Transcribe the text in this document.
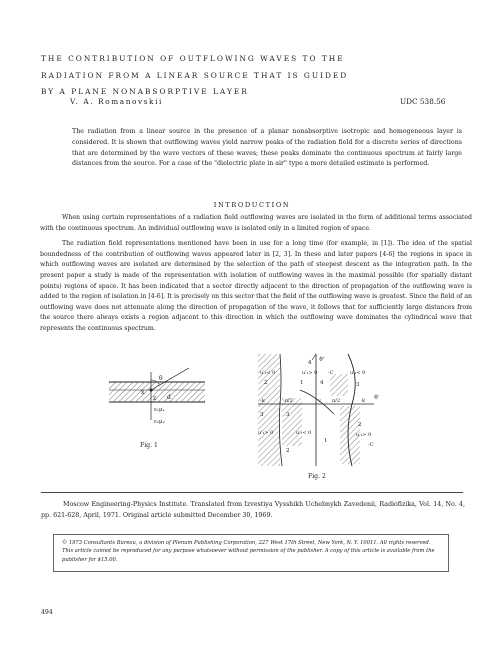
THE CONTRIBUTION OF OUTFLOWING WAVES TO THE
RADIATION FROM A LINEAR SOURCE THAT IS GUIDED
BY A PLANE NONABSORPTIVE LAYER
V. A. Romanovskii	UDC 538.56

The radiation from a linear source in the presence of a planar nonabsorptive isotropic and homogeneous layer is considered. It is shown that outflowing waves yield narrow peaks of the radiation field for a discrete series of directions that are determined by the wave vectors of these waves; these peaks dominate the continuous spectrum at fairly large distances from the source. For a case of the "dielectric plate in air" type a more detailed estimate is performed.

INTRODUCTION

When using certain representations of a radiation field outflowing waves are isolated in the form of additional terms associated with the continuous spectrum. An individual outflowing wave is isolated only in a limited region of space.

The radiation field representations mentioned have been in use for a long time (for example, in [1]). The idea of the spatial boundedness of the contribution of outflowing waves appeared later in [2, 3]. In these and later papers [4-6] the regions in space in which outflowing waves are isolated are determined by the selection of the path of steepest descent as the integration path. In the present paper a study is made of the representation with isolation of outflowing waves in the maximal possible (for spatially distant points) regions of space. It has been indicated that a sector directly adjacent to the direction of propagation of the outflowing wave is added to the region of isolation in [4-6]. It is precisely on this sector that the field of the outflowing wave is greatest. Since the field of an outflowing wave does not attenuate along the direction of propagation of the wave, it follows that for sufficiently large distances from the source there always exists a region adjacent to this direction in which the outflowing wave dominates the cylindrical wave that represents the continuous spectrum.

θ
x
z d
ε₁μ₁
ε₂μ₂
Fig. 1
ϑ″
ϑ′
4
u′₁< 0	u′₁> 0	u′₁< 0
-C
2	1	4	3
-k	-π/2	v π/2	k
3	3
2
u′₁> 0	u′₁< 0	u′₁> 0
1
2
-C
Fig. 2
Moscow Engineering-Physics Institute. Translated from Izvestiya Vysshikh Uchebnykh Zavedenii, Radiofizika, Vol. 14, No. 4, pp. 621-628, April, 1971. Original article submitted December 30, 1969.
© 1973 Consultants Bureau, a division of Plenum Publishing Corporation, 227 West 17th Street, New York, N. Y. 10011. All rights reserved. This article cannot be reproduced for any purpose whatsoever without permission of the publisher. A copy of this article is available from the publisher for $15.00.
494
